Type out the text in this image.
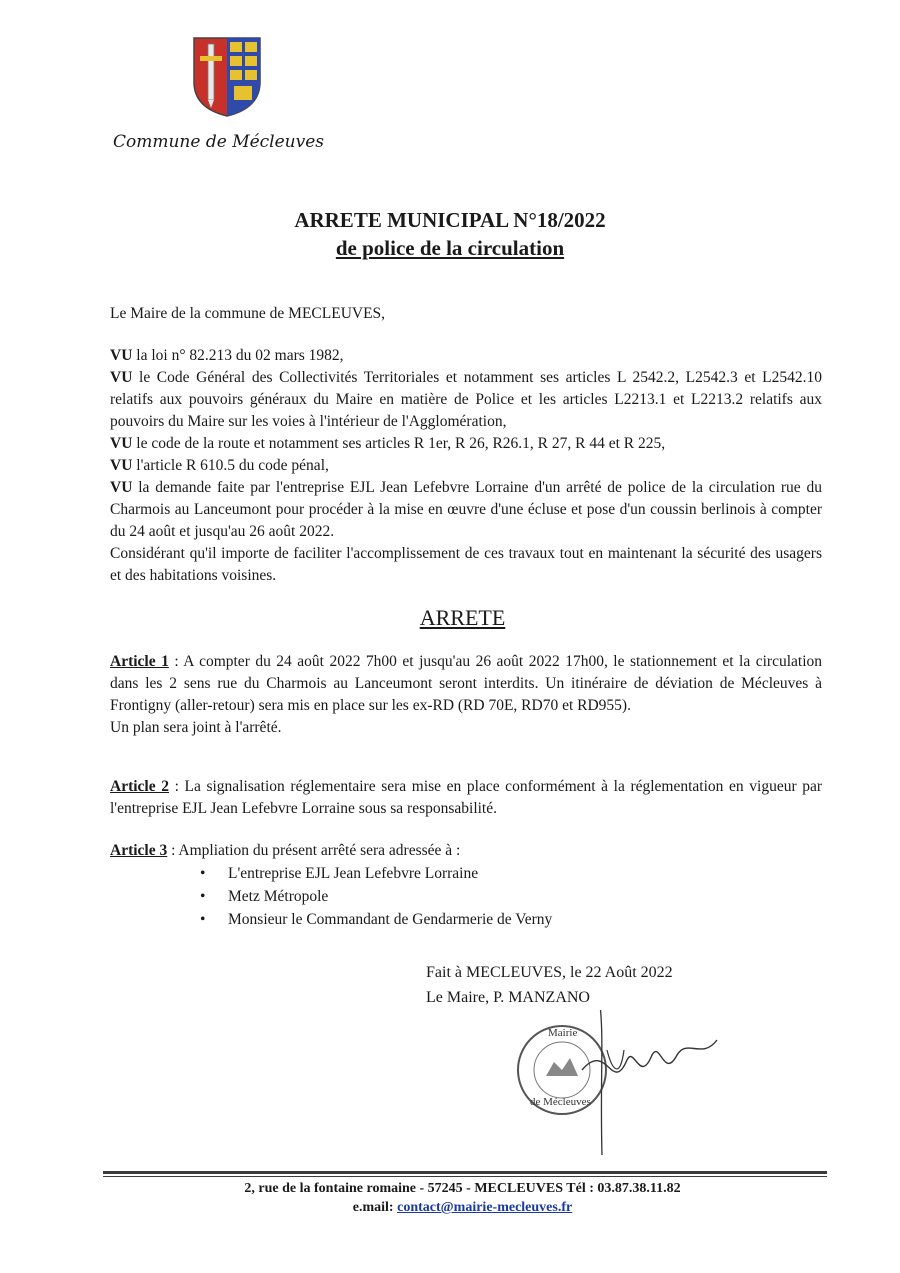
Commune de Mécleuves
ARRETE MUNICIPAL N°18/2022
de police de la circulation
Le Maire de la commune de MECLEUVES,
VU la loi n° 82.213 du 02 mars 1982,
VU le Code Général des Collectivités Territoriales et notamment ses articles L 2542.2, L2542.3 et L2542.10 relatifs aux pouvoirs généraux du Maire en matière de Police et les articles L2213.1 et L2213.2 relatifs aux pouvoirs du Maire sur les voies à l'intérieur de l'Agglomération,
VU le code de la route et notamment ses articles R 1er, R 26, R26.1, R 27, R 44 et R 225,
VU l'article R 610.5 du code pénal,
VU la demande faite par l'entreprise EJL Jean Lefebvre Lorraine d'un arrêté de police de la circulation rue du Charmois au Lanceumont pour procéder à la mise en œuvre d'une écluse et pose d'un coussin berlinois à compter du 24 août et jusqu'au 26 août 2022.
Considérant qu'il importe de faciliter l'accomplissement de ces travaux tout en maintenant la sécurité des usagers et des habitations voisines.
ARRETE
Article 1 : A compter du 24 août 2022 7h00 et jusqu'au 26 août 2022 17h00, le stationnement et la circulation dans les 2 sens rue du Charmois au Lanceumont seront interdits. Un itinéraire de déviation de Mécleuves à Frontigny (aller-retour) sera mis en place sur les ex-RD (RD 70E, RD70 et RD955).
Un plan sera joint à l'arrêté.
Article 2 : La signalisation réglementaire sera mise en place conformément à la réglementation en vigueur par l'entreprise EJL Jean Lefebvre Lorraine sous sa responsabilité.
Article 3 : Ampliation du présent arrêté sera adressée à :
• L'entreprise EJL Jean Lefebvre Lorraine
• Metz Métropole
• Monsieur le Commandant de Gendarmerie de Verny
Fait à MECLEUVES, le 22 Août 2022
Le Maire, P. MANZANO
Mairie
de Mécleuves
2, rue de la fontaine romaine - 57245 - MECLEUVES Tél : 03.87.38.11.82
e.mail: contact@mairie-mecleuves.fr
